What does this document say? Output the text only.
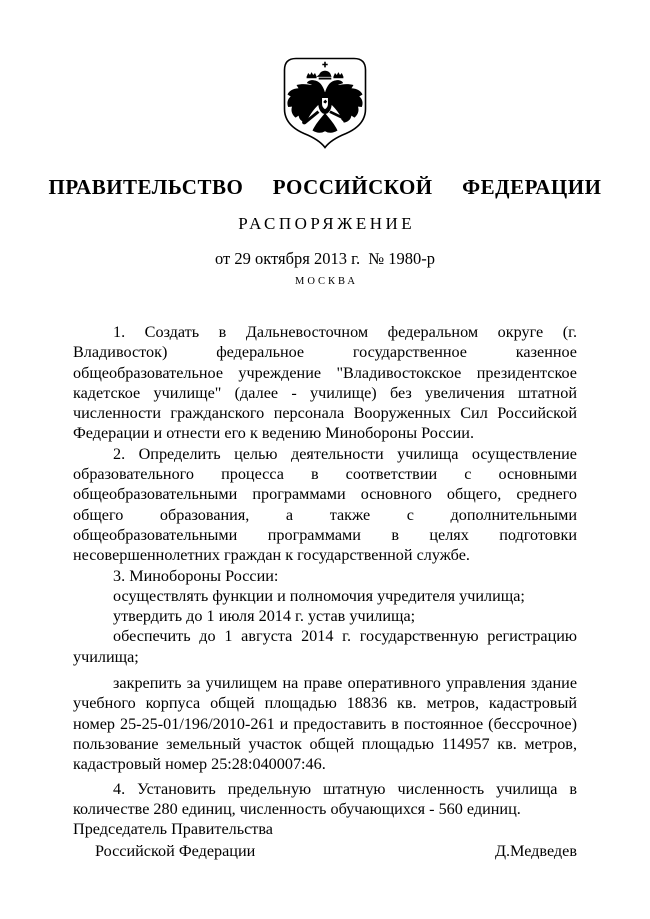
ПРАВИТЕЛЬСТВО  РОССИЙСКОЙ  ФЕДЕРАЦИИ
РАСПОРЯЖЕНИЕ
от 29 октября 2013 г.  № 1980-р
МОСКВА

1. Создать в Дальневосточном федеральном округе (г. Владивосток) федеральное государственное казенное общеобразовательное учреждение "Владивостокское президентское кадетское училище" (далее - училище) без увеличения штатной численности гражданского персонала Вооруженных Сил Российской Федерации и отнести его к ведению Минобороны России.

2. Определить целью деятельности училища осуществление образовательного процесса в соответствии с основными общеобразовательными программами основного общего, среднего общего образования, а также с дополнительными общеобразовательными программами в целях подготовки несовершеннолетних граждан к государственной службе.

3. Минобороны России:

осуществлять функции и полномочия учредителя училища;

утвердить до 1 июля 2014 г. устав училища;

обеспечить до 1 августа 2014 г. государственную регистрацию училища;

закрепить за училищем на праве оперативного управления здание учебного корпуса общей площадью 18836 кв. метров, кадастровый номер 25-25-01/196/2010-261 и предоставить в постоянное (бессрочное) пользование земельный участок общей площадью 114957 кв. метров, кадастровый номер 25:28:040007:46.

4. Установить предельную штатную численность училища в количестве 280 единиц, численность обучающихся - 560 единиц.

Председатель Правительства
Российской Федерации	Д.Медведев
